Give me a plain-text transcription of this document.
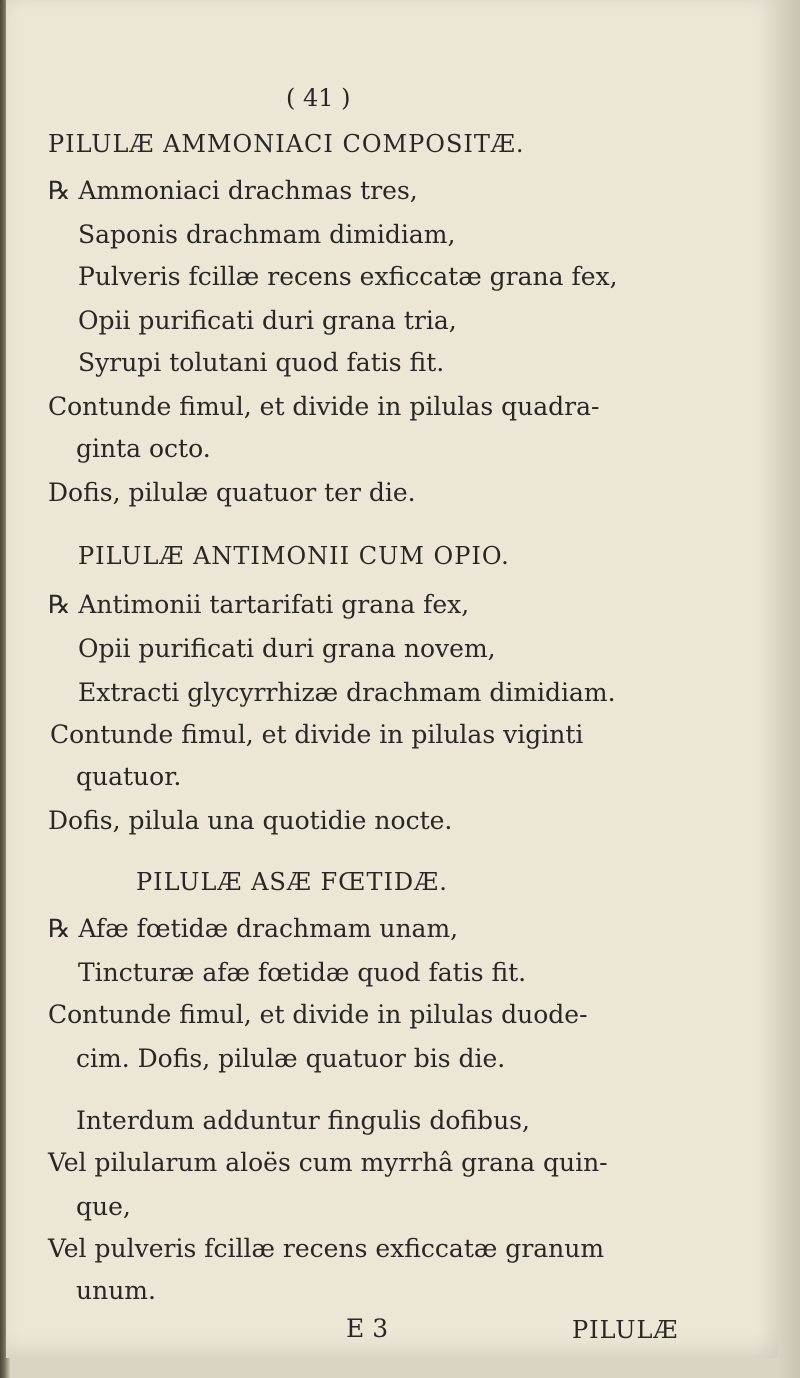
( 41 )
PILULÆ AMMONIACI COMPOSITÆ.
℞ Ammoniaci drachmas tres,
Saponis drachmam dimidiam,
Pulveris fcillæ recens exficcatæ grana fex,
Opii purificati duri grana tria,
Syrupi tolutani quod fatis fit.
Contunde fimul, et divide in pilulas quadra-
ginta octo.
Dofis, pilulæ quatuor ter die.
PILULÆ ANTIMONII CUM OPIO.
℞ Antimonii tartarifati grana fex,
Opii purificati duri grana novem,
Extracti glycyrrhizæ drachmam dimidiam.
Contunde fimul, et divide in pilulas viginti
quatuor.
Dofis, pilula una quotidie nocte.
PILULÆ ASÆ FŒTIDÆ.
℞ Afæ fœtidæ drachmam unam,
Tincturæ afæ fœtidæ quod fatis fit.
Contunde fimul, et divide in pilulas duode-
cim. Dofis, pilulæ quatuor bis die.
Interdum adduntur fingulis dofibus,
Vel pilularum aloës cum myrrhâ grana quin-
que,
Vel pulveris fcillæ recens exficcatæ granum
unum.
E 3	PILULÆ
